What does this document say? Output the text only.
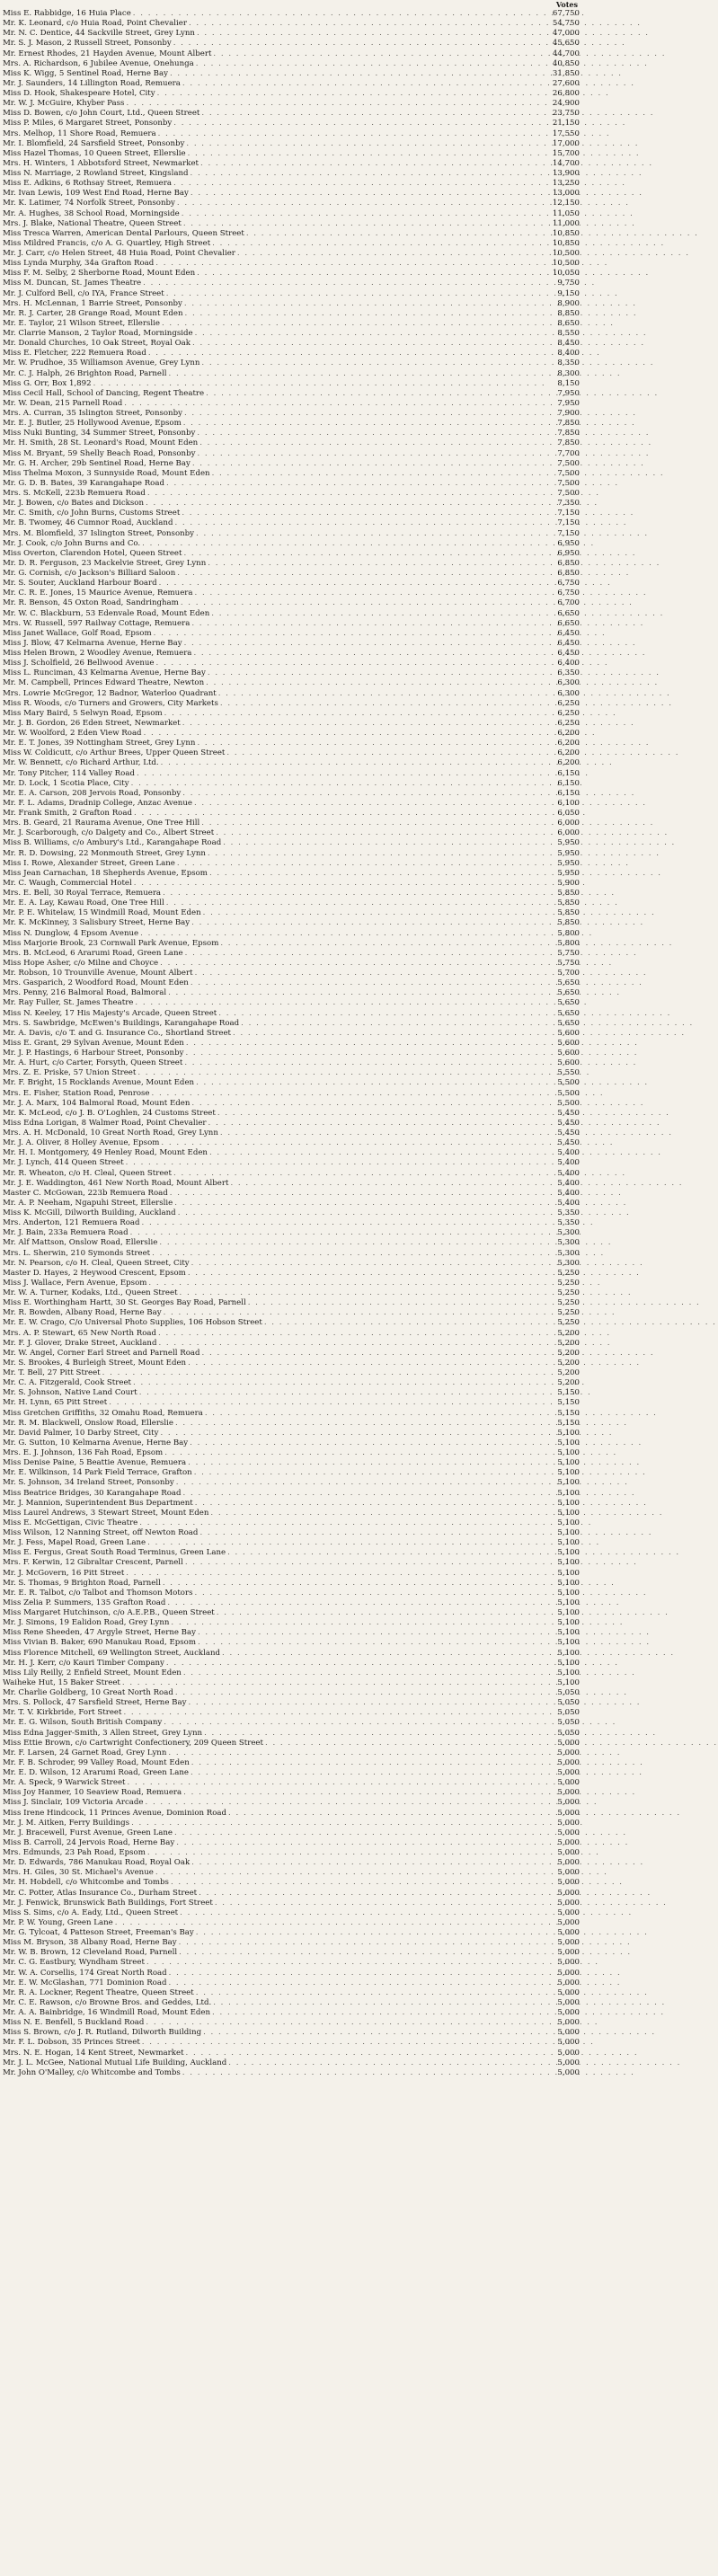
Votes
Miss E. Rabbidge, 16 Huia Place . . .	67,750
Mr. K. Leonard, c/o Huia Road, Point Chevalier . . .	54,750
Mr. N. C. Dentice, 44 Sackville Street, Grey Lynn . . .	47,000
Mr. S. J. Mason, 2 Russell Street, Ponsonby . . .	45,650
Mr. Ernest Rhodes, 21 Hayden Avenue, Mount Albert . . .	44,700
Mrs. A. Richardson, 6 Jubilee Avenue, Onehunga . . .	40,850
Miss K. Wigg, 5 Sentinel Road, Herne Bay . . .	31,850
Mr. J. Saunders, 14 Lillington Road, Remuera . . .	27,600
Miss D. Hook, Shakespeare Hotel, City . . .	26,800
Mr. W. J. McGuire, Khyber Pass . . .	24,900
Miss D. Bowen, c/o John Court, Ltd., Queen Street . . .	23,750
Miss P. Miles, 6 Margaret Street, Ponsonby . . .	21,150
Mrs. Melhop, 11 Shore Road, Remuera . . .	17,550
Mr. I. Blomfield, 24 Sarsfield Street, Ponsonby . . .	17,000
Miss Hazel Thomas, 10 Queen Street, Ellerslie . . .	15,700
Mrs. H. Winters, 1 Abbotsford Street, Newmarket . . .	14,700
Miss N. Marriage, 2 Rowland Street, Kingsland . . .	13,900
Miss E. Adkins, 6 Rothsay Street, Remuera . . .	13,250
Mr. Ivan Lewis, 109 West End Road, Herne Bay . . .	13,000
Mr. K. Latimer, 74 Norfolk Street, Ponsonby . . .	12,150
Mr. A. Hughes, 38 School Road, Morningside . . .	11,050
Mrs. J. Blake, National Theatre, Queen Street . . .	11,000
Miss Tresca Warren, American Dental Parlours, Queen Street . . .	10,850
Miss Mildred Francis, c/o A. G. Quartley, High Street . . .	10,850
Mr. J. Carr, c/o Helen Street, 48 Huia Road, Point Chevalier . . .	10,500
Miss Lynda Murphy, 34a Grafton Road . . .	10,500
Miss F. M. Selby, 2 Sherborne Road, Mount Eden . . .	10,050
Miss M. Duncan, St. James Theatre . . .	9,750
Mr. J. Culford Bell, c/o IYA, France Street . . .	9,150
Mrs. H. McLennan, 1 Barrie Street, Ponsonby . . .	8,900
Mr. R. J. Carter, 28 Grange Road, Mount Eden . . .	8,850
Mr. E. Taylor, 21 Wilson Street, Ellerslie . . .	8,650
Mr. Clarrie Manson, 2 Taylor Road, Morningside . . .	8,550
Mr. Donald Churches, 10 Oak Street, Royal Oak . . .	8,450
Miss E. Fletcher, 222 Remuera Road . . .	8,400
Mr. W. Prudhoe, 35 Williamson Avenue, Grey Lynn . . .	8,350
Mr. C. J. Halph, 26 Brighton Road, Parnell . . .	8,300
Miss G. Orr, Box 1,892 . . .	8,150
Miss Cecil Hall, School of Dancing, Regent Theatre . . .	7,950
Mr. W. Dean, 215 Parnell Road . . .	7,950
Mrs. A. Curran, 35 Islington Street, Ponsonby . . .	7,900
Mr. E. J. Butler, 25 Hollywood Avenue, Epsom . . .	7,850
Miss Nuki Bunting, 34 Summer Street, Ponsonby . . .	7,850
Mr. H. Smith, 28 St. Leonard's Road, Mount Eden . . .	7,850
Miss M. Bryant, 59 Shelly Beach Road, Ponsonby . . .	7,700
Mr. G. H. Archer, 29b Sentinel Road, Herne Bay . . .	7,500
Miss Thelma Moxon, 3 Sunnyside Road, Mount Eden . . .	7,500
Mr. G. D. B. Bates, 39 Karangahape Road . . .	7,500
Mrs. S. McKell, 223b Remuera Road . . .	7,500
Mr. J. Bowen, c/o Bates and Dickson . . .	7,350
Mr. C. Smith, c/o John Burns, Customs Street . . .	7,150
Mr. B. Twomey, 46 Cumnor Road, Auckland . . .	7,150
Mrs. M. Blomfield, 37 Islington Street, Ponsonby . . .	7,150
Mr. J. Cook, c/o John Burns and Co. . . .	6,950
Miss Overton, Clarendon Hotel, Queen Street . . .	6,950
Mr. D. R. Ferguson, 23 Mackelvie Street, Grey Lynn . . .	6,850
Mr. G. Cornish, c/o Jackson's Billiard Saloon . . .	6,850
Mr. S. Souter, Auckland Harbour Board . . .	6,750
Mr. C. R. E. Jones, 15 Maurice Avenue, Remuera . . .	6,750
Mr. R. Benson, 45 Oxton Road, Sandringham . . .	6,700
Mr. W. C. Blackburn, 53 Edenvale Road, Mount Eden . . .	6,650
Mrs. W. Russell, 597 Railway Cottage, Remuera . . .	6,650
Miss Janet Wallace, Golf Road, Epsom . . .	6,450
Miss J. Blow, 47 Kelmarna Avenue, Herne Bay . . .	6,450
Miss Helen Brown, 2 Woodley Avenue, Remuera . . .	6,450
Miss J. Scholfield, 26 Bellwood Avenue . . .	6,400
Miss L. Runciman, 43 Kelmarna Avenue, Herne Bay . . .	6,350
Mr. M. Campbell, Princes Edward Theatre, Newton . . .	6,300
Mrs. Lowrie McGregor, 12 Badnor, Waterloo Quadrant . . .	6,300
Miss R. Woods, c/o Turners and Growers, City Markets . . .	6,250
Miss Mary Baird, 5 Selwyn Road, Epsom . . .	6,250
Mr. J. B. Gordon, 26 Eden Street, Newmarket . . .	6,250
Mr. W. Woolford, 2 Eden View Road . . .	6,200
Mr. E. T. Jones, 39 Nottingham Street, Grey Lynn . . .	6,200
Miss W. Coldicutt, c/o Arthur Brees, Upper Queen Street . . .	6,200
Mr. W. Bennett, c/o Richard Arthur, Ltd. . . .	6,200
Mr. Tony Pitcher, 114 Valley Road . . .	6,150
Mr. D. Lock, 1 Scotia Place, City . . .	6,150
Mr. E. A. Carson, 208 Jervois Road, Ponsonby . . .	6,150
Mr. F. L. Adams, Dradnip College, Anzac Avenue . . .	6,100
Mr. Frank Smith, 2 Grafton Road . . .	6,050
Mrs. B. Geard, 21 Raurama Avenue, One Tree Hill . . .	6,000
Mr. J. Scarborough, c/o Dalgety and Co., Albert Street . . .	6,000
Miss B. Williams, c/o Ambury's Ltd., Karangahape Road . . .	5,950
Mr. R. D. Dowsing, 22 Monmouth Street, Grey Lynn . . .	5,950
Miss I. Rowe, Alexander Street, Green Lane . . .	5,950
Miss Jean Carnachan, 18 Shepherds Avenue, Epsom . . .	5,950
Mr. C. Waugh, Commercial Hotel . . .	5,900
Mrs. E. Bell, 30 Royal Terrace, Remuera . . .	5,850
Mr. E. A. Lay, Kawau Road, One Tree Hill . . .	5,850
Mr. P. E. Whitelaw, 15 Windmill Road, Mount Eden . . .	5,850
Mr. K. McKinney, 3 Salisbury Street, Herne Bay . . .	5,850
Miss N. Dunglow, 4 Epsom Avenue . . .	5,800
Miss Marjorie Brook, 23 Cornwall Park Avenue, Epsom . . .	5,800
Mrs. B. McLeod, 6 Ararumi Road, Green Lane . . .	5,750
Miss Hope Asher, c/o Milne and Choyce . . .	5,750
Mr. Robson, 10 Trounville Avenue, Mount Albert . . .	5,700
Mrs. Gasparich, 2 Woodford Road, Mount Eden . . .	5,650
Mrs. Penny, 216 Balmoral Road, Balmoral . . .	5,650
Mr. Ray Fuller, St. James Theatre . . .	5,650
Miss N. Keeley, 17 His Majesty's Arcade, Queen Street . . .	5,650
Mrs. S. Sawbridge, McEwen's Buildings, Karangahape Road . . .	5,650
Mr. A. Davis, c/o T. and G. Insurance Co., Shortland Street . . .	5,600
Miss E. Grant, 29 Sylvan Avenue, Mount Eden . . .	5,600
Mr. J. P. Hastings, 6 Harbour Street, Ponsonby . . .	5,600
Mr. A. Hurt, c/o Carter, Forsyth, Queen Street . . .	5,600
Mrs. Z. E. Priske, 57 Union Street . . .	5,550
Mr. F. Bright, 15 Rocklands Avenue, Mount Eden . . .	5,500
Mrs. E. Fisher, Station Road, Penrose . . .	5,500
Mr. J. A. Marx, 104 Balmoral Road, Mount Eden . . .	5,500
Mr. K. McLeod, c/o J. B. O'Loghlen, 24 Customs Street . . .	5,450
Miss Edna Lorigan, 8 Walmer Road, Point Chevalier . . .	5,450
Mrs. A. H. McDonald, 10 Great North Road, Grey Lynn . . .	5,450
Mr. J. A. Oliver, 8 Holley Avenue, Epsom . . .	5,450
Mr. H. I. Montgomery, 49 Henley Road, Mount Eden . . .	5,400
Mr. J. Lynch, 414 Queen Street . . .	5,400
Mr. R. Wheaton, c/o H. Cleal, Queen Street . . .	5,400
Mr. J. E. Waddington, 461 New North Road, Mount Albert . . .	5,400
Master C. McGowan, 223b Remuera Road . . .	5,400
Mr. A. P. Neeham, Ngapuhi Street, Ellerslie . . .	5,400
Miss K. McGill, Dilworth Building, Auckland . . .	5,350
Mrs. Anderton, 121 Remuera Road . . .	5,350
Mr. J. Bain, 233a Remuera Road . . .	5,300
Mr. Alf Mattson, Onslow Road, Ellerslie . . .	5,300
Mrs. L. Sherwin, 210 Symonds Street . . .	5,300
Mr. N. Pearson, c/o H. Cleal, Queen Street, City . . .	5,300
Master D. Hayes, 2 Heywood Crescent, Epsom . . .	5,250
Miss J. Wallace, Fern Avenue, Epsom . . .	5,250
Mr. W. A. Turner, Kodaks, Ltd., Queen Street . . .	5,250
Miss E. Worthingham Hartt, 30 St. Georges Bay Road, Parnell . . .	5,250
Mr. R. Bowden, Albany Road, Herne Bay . . .	5,250
Mr. E. W. Crago, C/o Universal Photo Supplies, 106 Hobson Street . . .	5,250
Mrs. A. P. Stewart, 65 New North Road . . .	5,200
Mr. F. J. Glover, Drake Street, Auckland . . .	5,200
Mr. W. Angel, Corner Earl Street and Parnell Road . . .	5,200
Mr. S. Brookes, 4 Burleigh Street, Mount Eden . . .	5,200
Mr. T. Bell, 27 Pitt Street . . .	5,200
Mr. C. A. Fitzgerald, Cook Street . . .	5,200
Mr. S. Johnson, Native Land Court . . .	5,150
Mr. H. Lynn, 65 Pitt Street . . .	5,150
Miss Gretchen Griffiths, 32 Omahu Road, Remuera . . .	5,150
Mr. R. M. Blackwell, Onslow Road, Ellerslie . . .	5,150
Mr. David Palmer, 10 Darby Street, City . . .	5,100
Mr. G. Sutton, 10 Kelmarna Avenue, Herne Bay . . .	5,100
Mrs. E. J. Johnson, 136 Fah Road, Epsom . . .	5,100
Miss Denise Paine, 5 Beattie Avenue, Remuera . . .	5,100
Mr. E. Wilkinson, 14 Park Field Terrace, Grafton . . .	5,100
Mr. S. Johnson, 34 Ireland Street, Ponsonby . . .	5,100
Miss Beatrice Bridges, 30 Karangahape Road . . .	5,100
Mr. J. Mannion, Superintendent Bus Department . . .	5,100
Miss Laurel Andrews, 3 Stewart Street, Mount Eden . . .	5,100
Miss E. McGettigan, Civic Theatre . . .	5,100
Miss Wilson, 12 Nanning Street, off Newton Road . . .	5,100
Mr. J. Fess, Mapel Road, Green Lane . . .	5,100
Miss E. Fergus, Great South Road Terminus, Green Lane . . .	5,100
Mrs. F. Kerwin, 12 Gibraltar Crescent, Parnell . . .	5,100
Mr. J. McGovern, 16 Pitt Street . . .	5,100
Mr. S. Thomas, 9 Brighton Road, Parnell . . .	5,100
Mr. E. R. Talbot, c/o Talbot and Thomson Motors . . .	5,100
Miss Zelia P. Summers, 135 Grafton Road . . .	5,100
Miss Margaret Hutchinson, c/o A.E.P.B., Queen Street . . .	5,100
Mr. J. Simons, 19 Ealidon Road, Grey Lynn . . .	5,100
Miss Rene Sheeden, 47 Argyle Street, Herne Bay . . .	5,100
Miss Vivian B. Baker, 690 Manukau Road, Epsom . . .	5,100
Miss Florence Mitchell, 69 Wellington Street, Auckland . . .	5,100
Mr. H. J. Kerr, c/o Kauri Timber Company . . .	5,100
Miss Lily Reilly, 2 Enfield Street, Mount Eden . . .	5,100
Waiheke Hut, 15 Baker Street . . .	5,100
Mr. Charlie Goldberg, 10 Great North Road . . .	5,050
Mrs. S. Pollock, 47 Sarsfield Street, Herne Bay . . .	5,050
Mr. T. V. Kirkbride, Fort Street . . .	5,050
Mr. E. G. Wilson, South British Company . . .	5,050
Miss Edna Jagger-Smith, 3 Allen Street, Grey Lynn . . .	5,050
Miss Ettie Brown, c/o Cartwright Confectionery, 209 Queen Street . . .	5,000
Mr. F. Larsen, 24 Garnet Road, Grey Lynn . . .	5,000
Mr. F. B. Schroder, 99 Valley Road, Mount Eden . . .	5,000
Mr. E. D. Wilson, 12 Ararumi Road, Green Lane . . .	5,000
Mr. A. Speck, 9 Warwick Street . . .	5,000
Miss Joy Hanmer, 10 Seaview Road, Remuera . . .	5,000
Miss J. Sinclair, 109 Victoria Arcade . . .	5,000
Miss Irene Hindcock, 11 Princes Avenue, Dominion Road . . .	5,000
Mr. J. M. Aitken, Ferry Buildings . . .	5,000
Mr. J. Bracewell, Furst Avenue, Green Lane . . .	5,000
Miss B. Carroll, 24 Jervois Road, Herne Bay . . .	5,000
Mrs. Edmunds, 23 Pah Road, Epsom . . .	5,000
Mr. D. Edwards, 786 Manukau Road, Royal Oak . . .	5,000
Mrs. H. Giles, 30 St. Michael's Avenue . . .	5,000
Mr. H. Hobdell, c/o Whitcombe and Tombs . . .	5,000
Mr. C. Potter, Atlas Insurance Co., Durham Street . . .	5,000
Mr. J. Fenwick, Brunswick Bath Buildings, Fort Street . . .	5,000
Miss S. Sims, c/o A. Eady, Ltd., Queen Street . . .	5,000
Mr. P. W. Young, Green Lane . . .	5,000
Mr. G. Tylcoat, 4 Patteson Street, Freeman's Bay . . .	5,000
Miss M. Bryson, 38 Albany Road, Herne Bay . . .	5,000
Mr. W. B. Brown, 12 Cleveland Road, Parnell . . .	5,000
Mr. C. G. Eastbury, Wyndham Street . . .	5,000
Mr. W. A. Corsellis, 174 Great North Road . . .	5,000
Mr. E. W. McGlashan, 771 Dominion Road . . .	5,000
Mr. R. A. Lockner, Regent Theatre, Queen Street . . .	5,000
Mr. C. E. Rawson, c/o Browne Bros. and Geddes, Ltd. . . .	5,000
Mr. A. A. Bainbridge, 16 Windmill Road, Mount Eden . . .	5,000
Miss N. E. Benfell, 5 Buckland Road . . .	5,000
Miss S. Brown, c/o J. R. Rutland, Dilworth Building . . .	5,000
Mr. F. L. Dobson, 35 Princes Street . . .	5,000
Mrs. N. E. Hogan, 14 Kent Street, Newmarket . . .	5,000
Mr. J. L. McGee, National Mutual Life Building, Auckland . . .	5,000
Mr. John O'Malley, c/o Whitcombe and Tombs . . .	5,000
